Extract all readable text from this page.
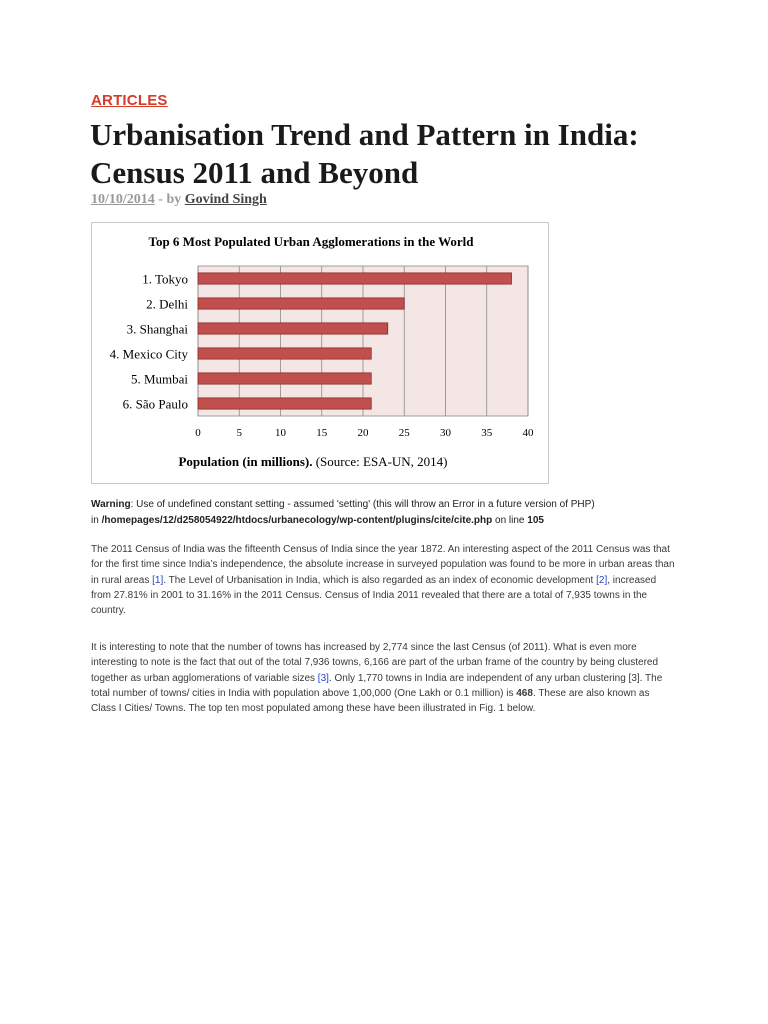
ARTICLES
Urbanisation Trend and Pattern in India: Census 2011 and Beyond
10/10/2014 - by Govind Singh
Top 6 Most Populated Urban Agglomerations in the World
1. Tokyo
2. Delhi
3. Shanghai
4. Mexico City
5. Mumbai
6. São Paulo
0	5	10	15	20	25	30	35	40
Population (in millions). (Source: ESA-UN, 2014)
Warning: Use of undefined constant setting - assumed 'setting' (this will throw an Error in a future version of PHP)
in /homepages/12/d258054922/htdocs/urbanecology/wp-content/plugins/cite/cite.php on line 105

The 2011 Census of India was the fifteenth Census of India since the year 1872. An interesting aspect of the 2011 Census was that for the first time since India’s independence, the absolute increase in surveyed population was found to be more in urban areas than in rural areas [1]. The Level of Urbanisation in India, which is also regarded as an index of economic development [2], increased from 27.81% in 2001 to 31.16% in the 2011 Census. Census of India 2011 revealed that there are a total of 7,935 towns in the country.

It is interesting to note that the number of towns has increased by 2,774 since the last Census (of 2011). What is even more interesting to note is the fact that out of the total 7,936 towns, 6,166 are part of the urban frame of the country by being clustered together as urban agglomerations of variable sizes [3]. Only 1,770 towns in India are independent of any urban clustering [3]. The total number of towns/ cities in India with population above 1,00,000 (One Lakh or 0.1 million) is 468. These are also known as Class I Cities/ Towns. The top ten most populated among these have been illustrated in Fig. 1 below.
